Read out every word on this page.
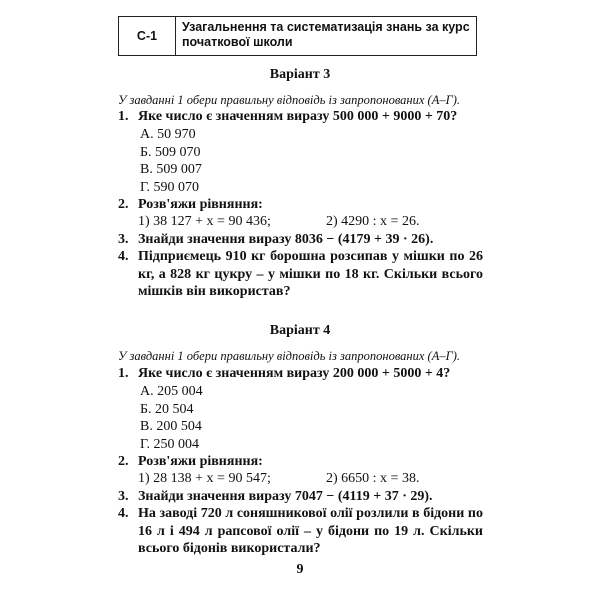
С-1
Узагальнення та систематизація знань за курс
початкової школи
Варіант 3
У завданні 1 обери правильну відповідь із запропонованих (А–Г).
1. Яке число є значенням виразу 500 000 + 9000 + 70?
А. 50 970
Б. 509 070
В. 509 007
Г. 590 070
2. Розв'яжи рівняння:
1) 38 127 + x = 90 436;	2) 4290 : x = 26.
3. Знайди значення виразу 8036 − (4179 + 39 · 26).
4. Підприємець 910 кг борошна розсипав у мішки по 26 кг, а 828 кг цукру – у мішки по 18 кг. Скільки всього мішків він використав?
Варіант 4
У завданні 1 обери правильну відповідь із запропонованих (А–Г).
1. Яке число є значенням виразу 200 000 + 5000 + 4?
А. 205 004
Б. 20 504
В. 200 504
Г. 250 004
2. Розв'яжи рівняння:
1) 28 138 + x = 90 547;	2) 6650 : x = 38.
3. Знайди значення виразу 7047 − (4119 + 37 · 29).
4. На заводі 720 л соняшникової олії розлили в бідони по 16 л і 494 л рапсової олії – у бідони по 19 л. Скільки всього бідонів використали?
9
